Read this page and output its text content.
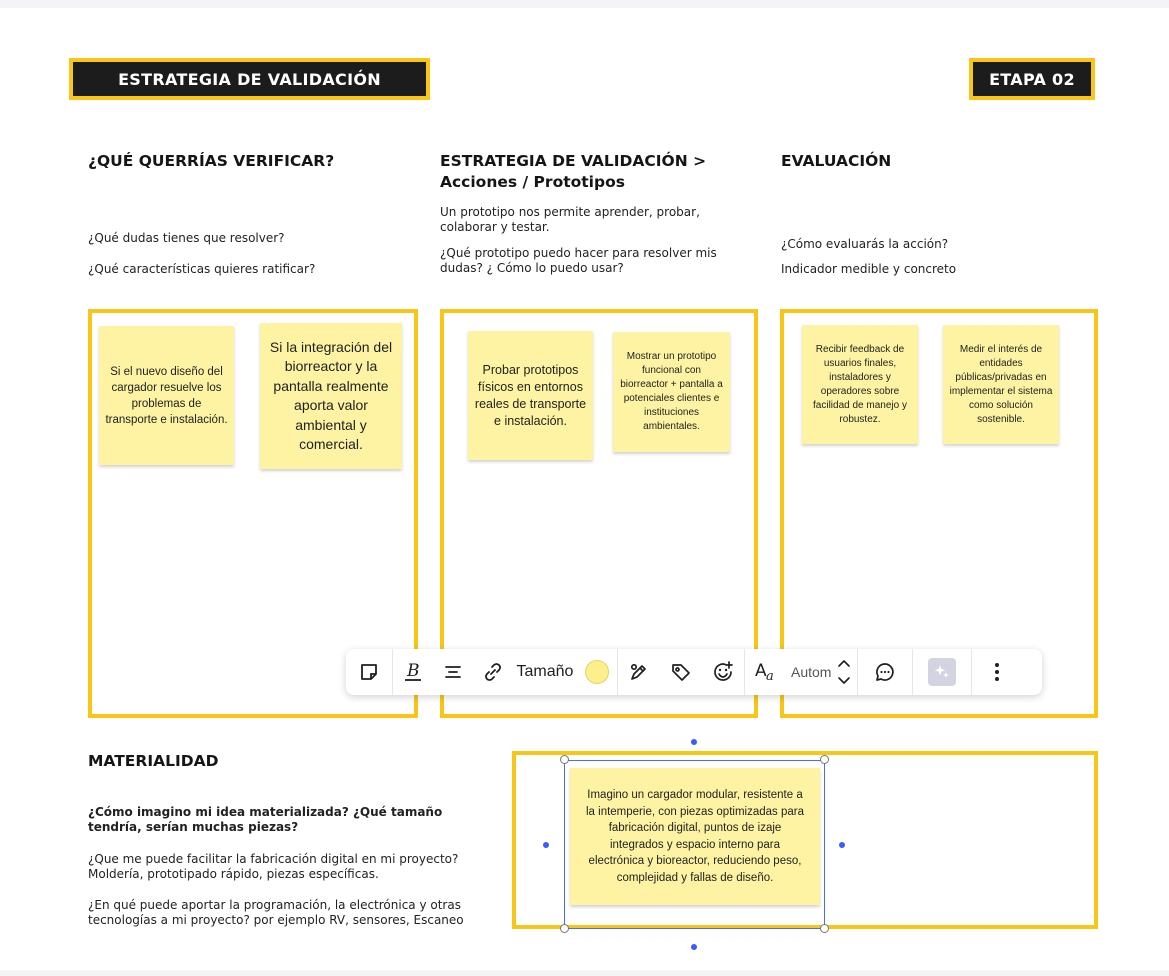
ESTRATEGIA DE VALIDACIÓN	ETAPA 02
¿QUÉ QUERRÍAS VERIFICAR?
¿Qué dudas tienes que resolver?
¿Qué características quieres ratificar?
ESTRATEGIA DE VALIDACIÓN >
Acciones / Prototipos
Un prototipo nos permite aprender, probar, colaborar y testar.
¿Qué prototipo puedo hacer para resolver mis dudas? ¿ Cómo lo puedo usar?
EVALUACIÓN
¿Cómo evaluarás la acción?
Indicador medible y concreto
Si el nuevo diseño del cargador resuelve los problemas de transporte e instalación.
Si la integración del biorreactor y la pantalla realmente aporta valor ambiental y comercial.
Probar prototipos físicos en entornos reales de transporte e instalación.
Mostrar un prototipo funcional con biorreactor + pantalla a potenciales clientes e instituciones ambientales.
Recibir feedback de usuarios finales, instaladores y operadores sobre facilidad de manejo y robustez.
Medir el interés de entidades públicas/privadas en implementar el sistema como solución sostenible.
MATERIALIDAD
¿Cómo imagino mi idea materializada? ¿Qué tamaño tendría, serían muchas piezas?
¿Que me puede facilitar la fabricación digital en mi proyecto? Moldería, prototipado rápido, piezas específicas.
¿En qué puede aportar la programación, la electrónica y otras tecnologías a mi proyecto? por ejemplo RV, sensores, Escaneo
Imagino un cargador modular, resistente a la intemperie, con piezas optimizadas para fabricación digital, puntos de izaje integrados y espacio interno para electrónica y bioreactor, reduciendo peso, complejidad y fallas de diseño.
B	Tamaño	A a Autom
